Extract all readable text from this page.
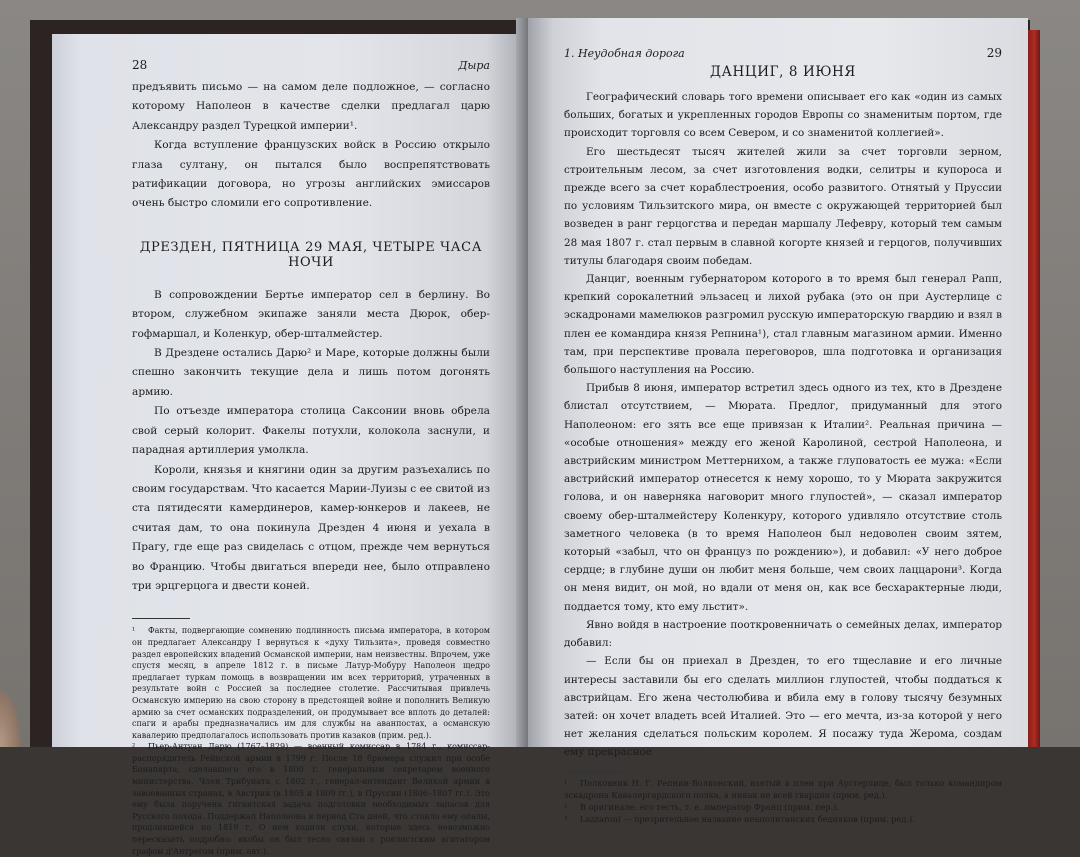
28	Дыра

предъявить письмо — на самом деле подложное, — согласно которому Наполеон в качестве сделки предлагал царю Александру раздел Турецкой империи¹.

Когда вступление французских войск в Россию открыло глаза султану, он пытался было воспрепятствовать ратификации договора, но угрозы английских эмиссаров очень быстро сломили его сопротивление.

ДРЕЗДЕН, ПЯТНИЦА 29 МАЯ, ЧЕТЫРЕ ЧАСА НОЧИ

В сопровождении Бертье император сел в берлину. Во втором, служебном экипаже заняли места Дюрок, обер-гофмаршал, и Коленкур, обер-шталмейстер.

В Дрездене остались Дарю² и Маре, которые должны были спешно закончить текущие дела и лишь потом догонять армию.

По отъезде императора столица Саксонии вновь обрела свой серый колорит. Факелы потухли, колокола заснули, и парадная артиллерия умолкла.

Короли, князья и княгини один за другим разъехались по своим государствам. Что касается Марии-Луизы с ее свитой из ста пятидесяти камердинеров, камер-юнкеров и лакеев, не считая дам, то она покинула Дрезден 4 июня и уехала в Прагу, где еще раз свиделась с отцом, прежде чем вернуться во Францию. Чтобы двигаться впереди нее, было отправлено три эрцгерцога и двести коней.

¹ Факты, подвергающие сомнению подлинность письма императора, в котором он предлагает Александру I вернуться к «духу Тильзита», проведя совместно раздел европейских владений Османской империи, нам неизвестны. Впрочем, уже спустя месяц, в апреле 1812 г. в письме Латур-Мобуру Наполеон щедро предлагает туркам помощь в возвращении им всех территорий, утраченных в результате войн с Россией за последнее столетие. Рассчитывая привлечь Османскую империю на свою сторону в предстоящей войне и пополнить Великую армию за счет османских подразделений, он продумывает все вплоть до деталей: спаги и арабы предназначались им для службы на аванпостах, а османскую кавалерию предполагалось использовать против казаков (прим. ред.).

² Пьер-Антуан Дарю (1767–1829) — военный комиссар в 1784 г., комиссар-распорядитель Рейнской армии в 1799 г. После 18 брюмера служил при особе Бонапарта, сделавшего его в 1800 г. генеральным секретарем военного министерства. Член Трибуната с 1802 г., генерал-интендант Великой армии в завоеванных странах, в Австрии (в 1805 и 1809 гг.), в Пруссии (1806–1807 гг.). Это ему была поручена гигантская задача подготовки необходимых запасов для Русского похода. Поддержал Наполеона в период Ста дней, что стоило ему опалы, продлившейся по 1819 г. О нем ходили слухи, которые здесь невозможно пересказать подробно: якобы он был тесно связан с роялистским агитатором графом д'Антрегом (прим. авт.).

1. Неудобная дорога	29
ДАНЦИГ, 8 ИЮНЯ

Географический словарь того времени описывает его как «один из самых больших, богатых и укрепленных городов Европы со знаменитым портом, где происходит торговля со всем Севером, и со знаменитой коллегией».

Его шестьдесят тысяч жителей жили за счет торговли зерном, строительным лесом, за счет изготовления водки, селитры и купороса и прежде всего за счет кораблестроения, особо развитого. Отнятый у Пруссии по условиям Тильзитского мира, он вместе с окружающей территорией был возведен в ранг герцогства и передан маршалу Лефевру, который тем самым 28 мая 1807 г. стал первым в славной когорте князей и герцогов, получивших титулы благодаря своим победам.

Данциг, военным губернатором которого в то время был генерал Рапп, крепкий сорокалетний эльзасец и лихой рубака (это он при Аустерлице с эскадронами мамелюков разгромил русскую императорскую гвардию и взял в плен ее командира князя Репнина¹), стал главным магазином армии. Именно там, при перспективе провала переговоров, шла подготовка и организация большого наступления на Россию.

Прибыв 8 июня, император встретил здесь одного из тех, кто в Дрездене блистал отсутствием, — Мюрата. Предлог, придуманный для этого Наполеоном: его зять все еще привязан к Италии². Реальная причина — «особые отношения» между его женой Каролиной, сестрой Наполеона, и австрийским министром Меттернихом, а также глуповатость ее мужа: «Если австрийский император отнесется к нему хорошо, то у Мюрата закружится голова, и он наверняка наговорит много глупостей», — сказал император своему обер-шталмейстеру Коленкуру, которого удивляло отсутствие столь заметного человека (в то время Наполеон был недоволен своим зятем, который «забыл, что он француз по рождению»), и добавил: «У него доброе сердце; в глубине души он любит меня больше, чем своих лаццарони³. Когда он меня видит, он мой, но вдали от меня он, как все бесхарактерные люди, поддается тому, кто ему льстит».

Явно войдя в настроение пооткровенничать о семейных делах, император добавил:

— Если бы он приехал в Дрезден, то его тщеславие и его личные интересы заставили бы его сделать миллион глупостей, чтобы поддаться к австрийцам. Его жена честолюбива и вбила ему в голову тысячу безумных затей: он хочет владеть всей Италией. Это — его мечта, из-за которой у него нет желания сделаться польским королем. Я посажу туда Жерома, создам ему прекрасное

¹ Полковник Н. Г. Репнин-Волконский, взятый в плен при Аустерлице, был только командиром эскадрона Кавалергардского полка, а никак не всей гвардии (прим. ред.).

² В оригинале: его тесть, т. е. император Франц (прим. пер.).

³ Lazzaroni — презрительное название неаполитанских бедняков (прим. ред.).
